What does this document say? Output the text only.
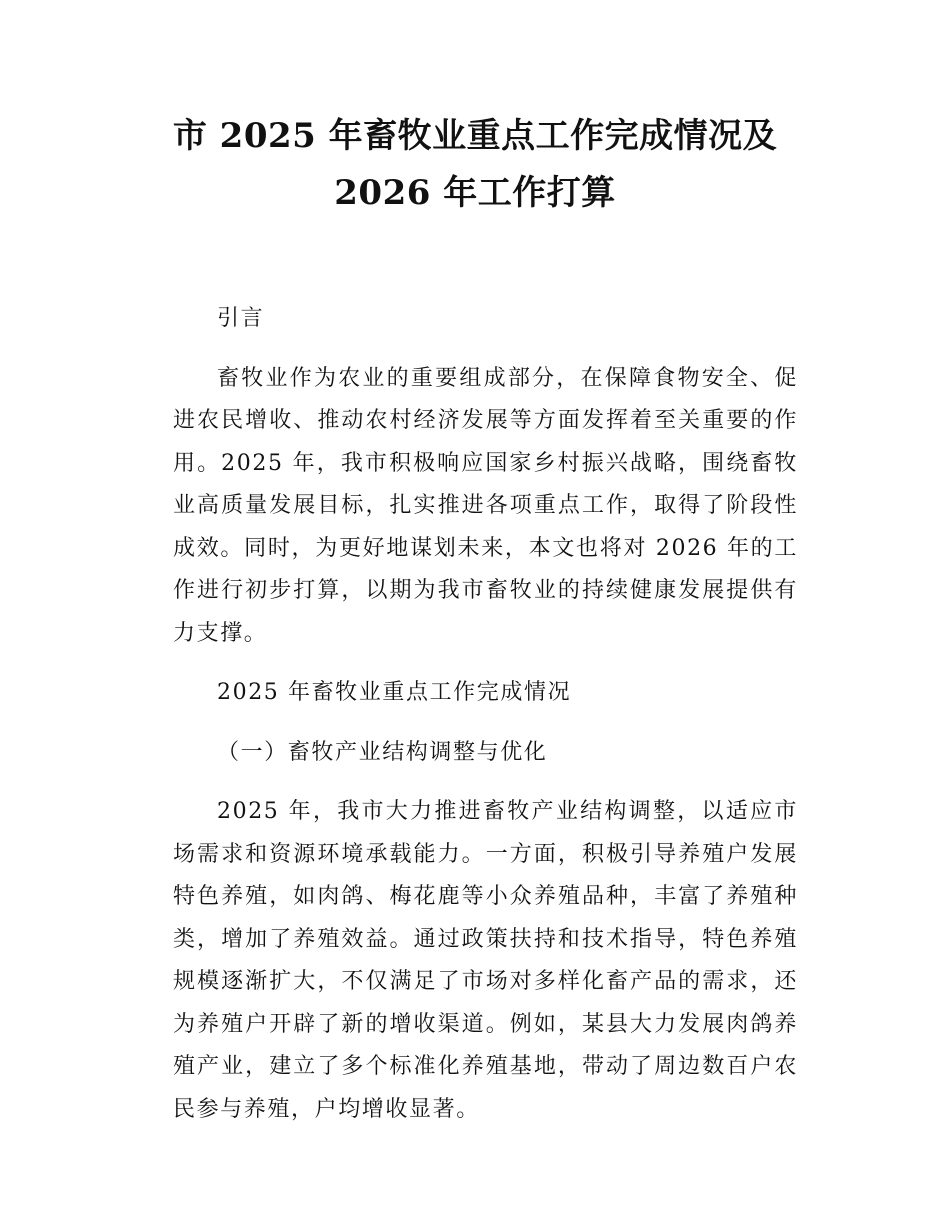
市 2025 年畜牧业重点工作完成情况及 2026 年工作打算

引言

畜牧业作为农业的重要组成部分，在保障食物安全、促进农民增收、推动农村经济发展等方面发挥着至关重要的作用。2025 年，我市积极响应国家乡村振兴战略，围绕畜牧业高质量发展目标，扎实推进各项重点工作，取得了阶段性成效。同时，为更好地谋划未来，本文也将对 2026 年的工作进行初步打算，以期为我市畜牧业的持续健康发展提供有力支撑。

2025 年畜牧业重点工作完成情况

（一）畜牧产业结构调整与优化

2025 年，我市大力推进畜牧产业结构调整，以适应市场需求和资源环境承载能力。一方面，积极引导养殖户发展特色养殖，如肉鸽、梅花鹿等小众养殖品种，丰富了养殖种类，增加了养殖效益。通过政策扶持和技术指导，特色养殖规模逐渐扩大，不仅满足了市场对多样化畜产品的需求，还为养殖户开辟了新的增收渠道。例如，某县大力发展肉鸽养殖产业，建立了多个标准化养殖基地，带动了周边数百户农民参与养殖，户均增收显著。
